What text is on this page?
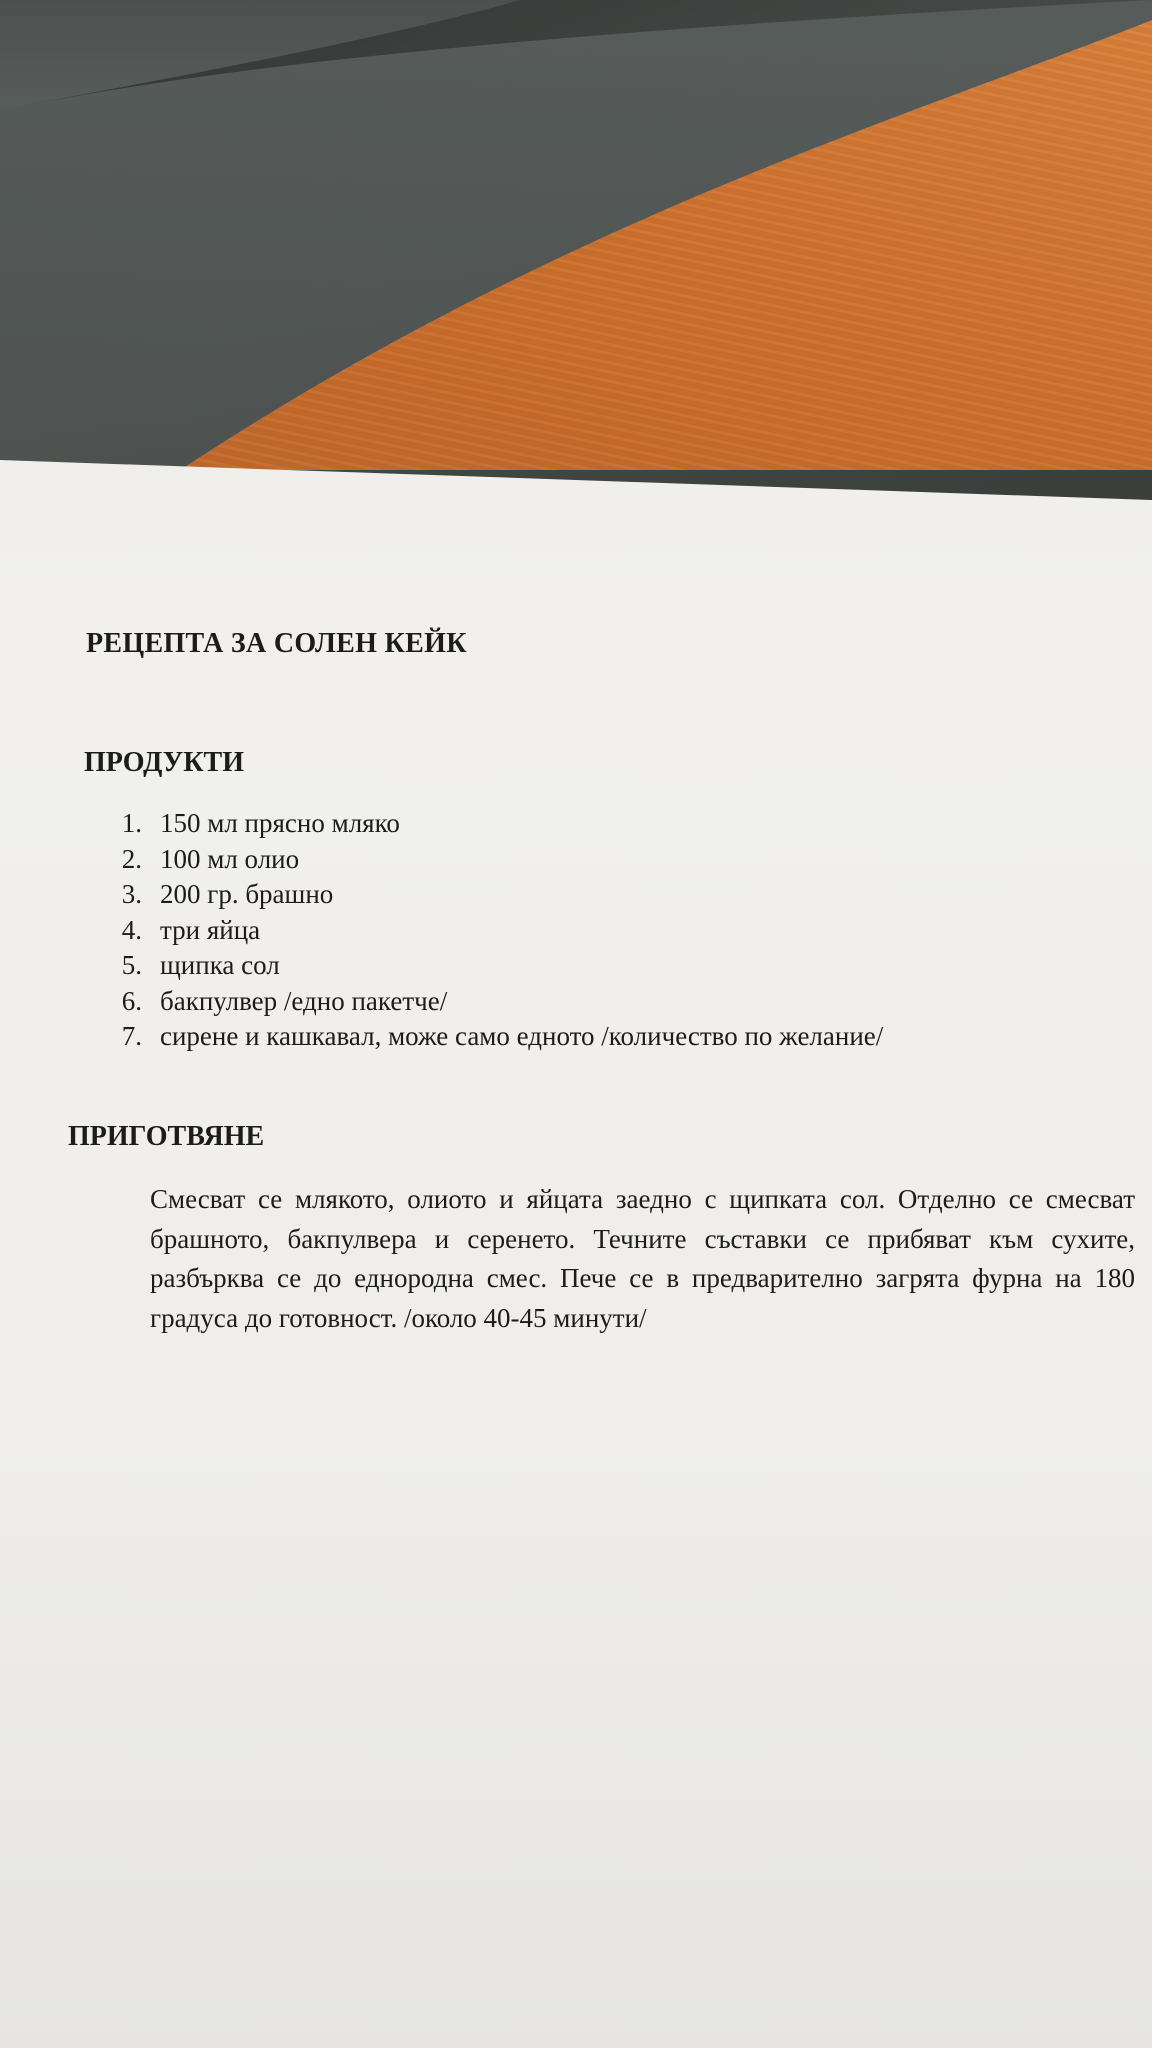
РЕЦЕПТА ЗА СОЛЕН КЕЙК
ПРОДУКТИ
1. 150 мл прясно мляко
2. 100 мл олио
3. 200 гр. брашно
4. три яйца
5. щипка сол
6. бакпулвер /едно пакетче/
7. сирене и кашкавал, може само едното /количество по желание/
ПРИГОТВЯНЕ
Смесват се млякото, олиото и яйцата заедно с щипката сол. Отделно се смесват
брашното, бакпулвера и серенето. Течните съставки се прибяват към сухите,
разбърква се до еднородна смес. Пече се в предварително загрята фурна на 180
градуса до готовност. /около 40-45 минути/
